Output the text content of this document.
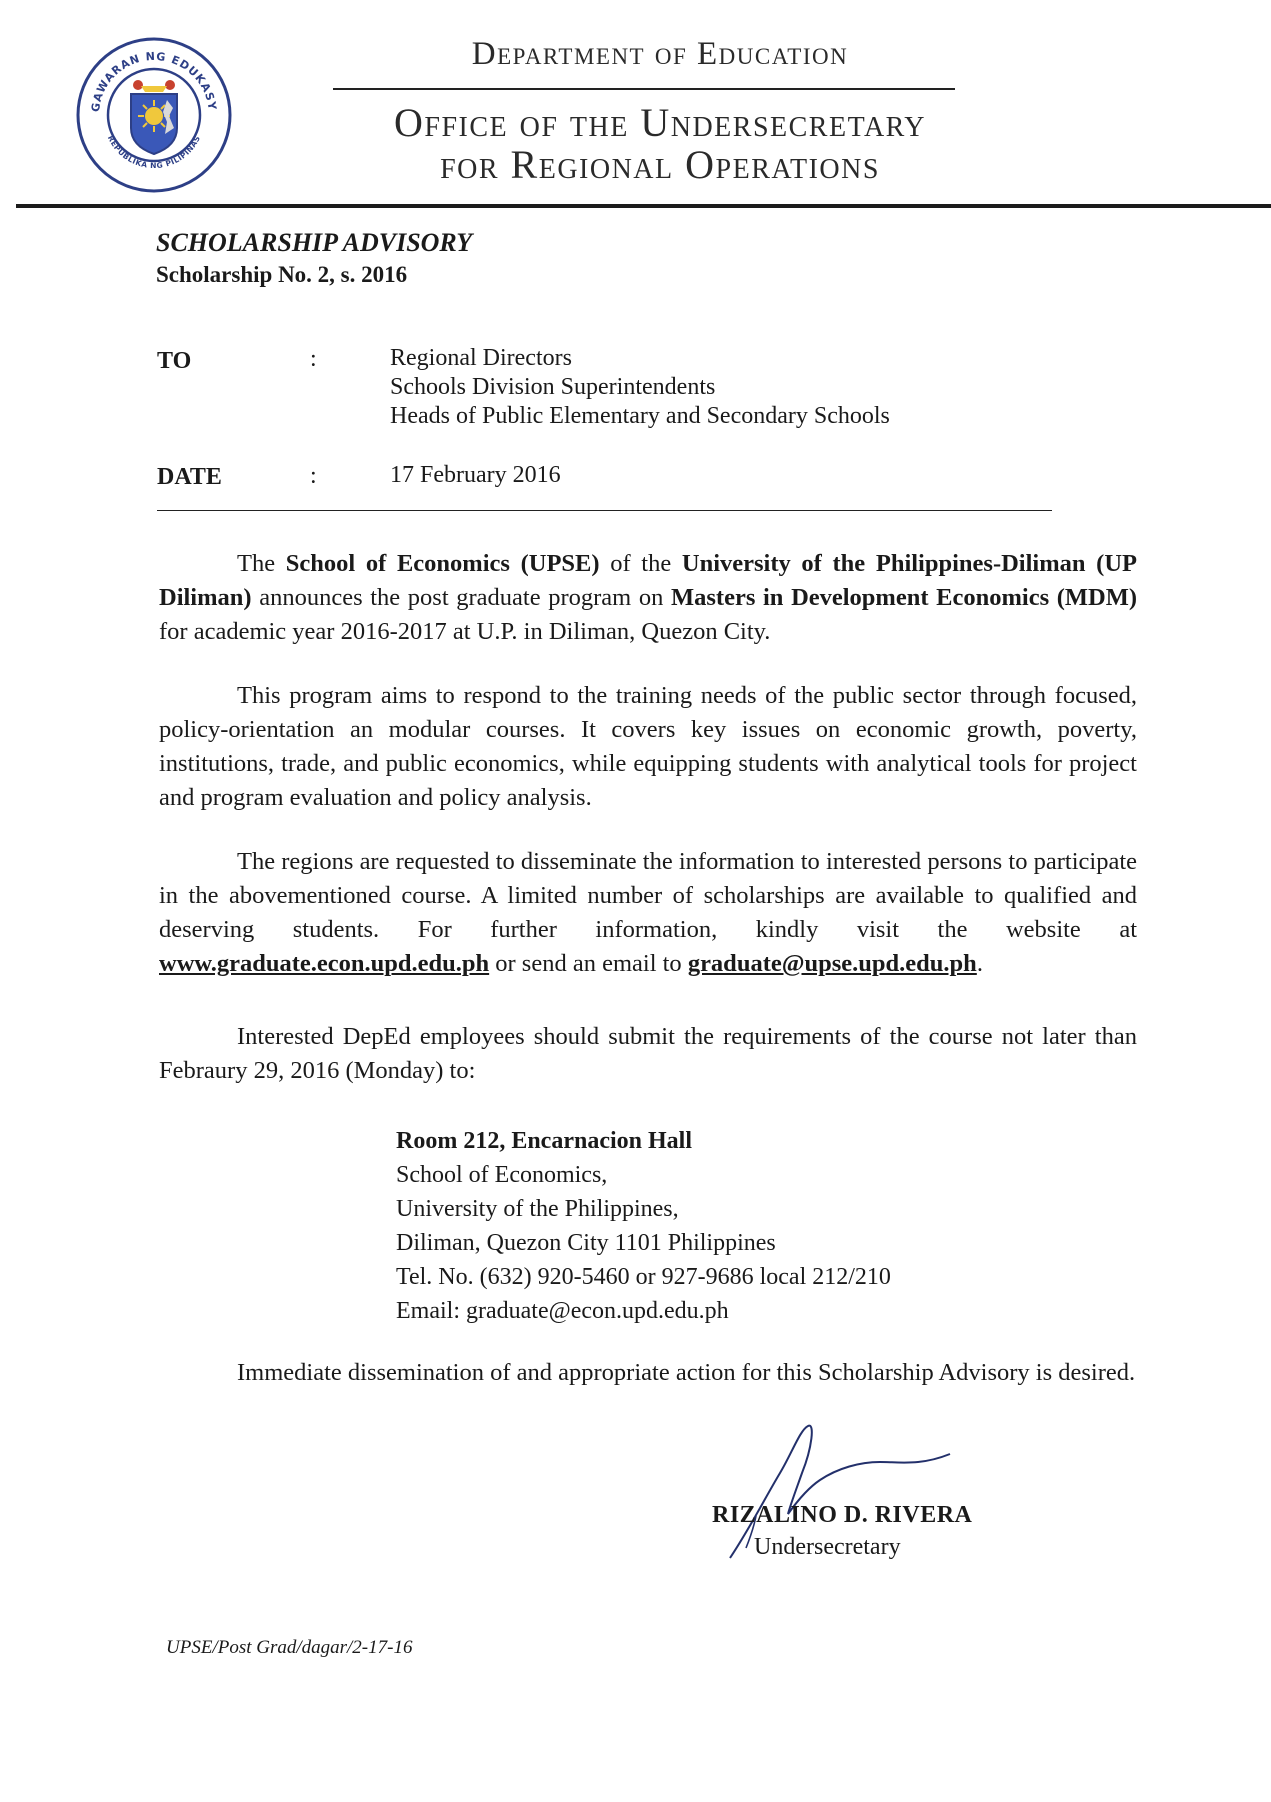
GAWARAN NG EDUKASY
REPUBLIKA NG PILIPINAS
Department of Education
Office of the Undersecretary
for Regional Operations
SCHOLARSHIP ADVISORY
Scholarship No. 2, s. 2016
TO	:	Regional Directors
Schools Division Superintendents
Heads of Public Elementary and Secondary Schools
DATE	:	17 February 2016
The School of Economics (UPSE) of the University of the Philippines-Diliman (UP Diliman) announces the post graduate program on Masters in Development Economics (MDM) for academic year 2016-2017 at U.P. in Diliman, Quezon City.
This program aims to respond to the training needs of the public sector through focused, policy-orientation an modular courses. It covers key issues on economic growth, poverty, institutions, trade, and public economics, while equipping students with analytical tools for project and program evaluation and policy analysis.
The regions are requested to disseminate the information to interested persons to participate in the abovementioned course. A limited number of scholarships are available to qualified and deserving students. For further information, kindly visit the website at www.graduate.econ.upd.edu.ph or send an email to graduate@upse.upd.edu.ph.
Interested DepEd employees should submit the requirements of the course not later than Febraury 29, 2016 (Monday) to:
Room 212, Encarnacion Hall
School of Economics,
University of the Philippines,
Diliman, Quezon City 1101 Philippines
Tel. No. (632) 920-5460 or 927-9686 local 212/210
Email: graduate@econ.upd.edu.ph
Immediate dissemination of and appropriate action for this Scholarship Advisory is desired.
RIZALINO D. RIVERA
Undersecretary
UPSE/Post Grad/dagar/2-17-16
